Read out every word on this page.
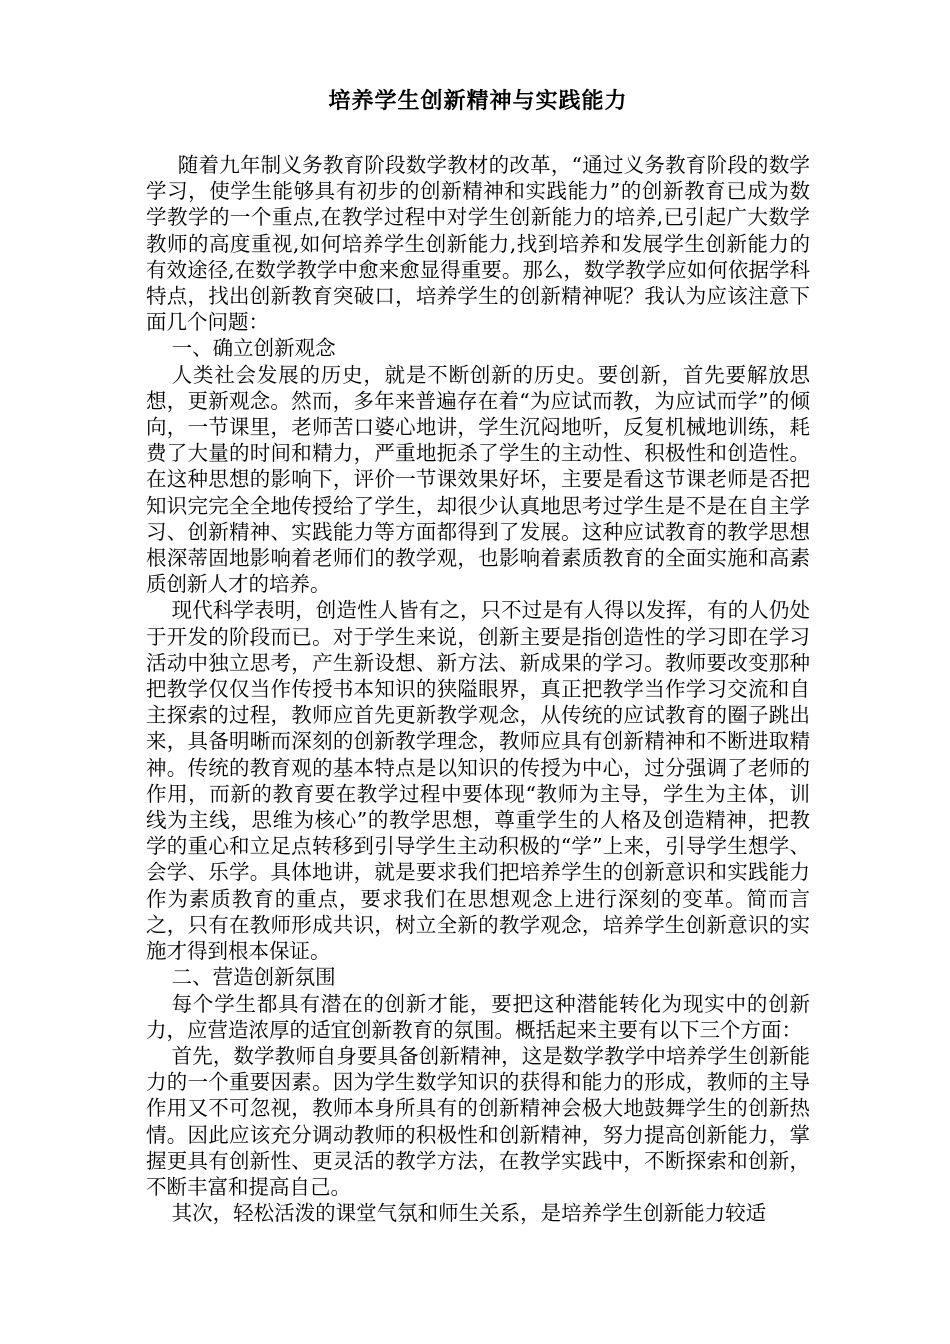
培养学生创新精神与实践能力

随着九年制义务教育阶段数学教材的改革，“通过义务教育阶段的数学学习，使学生能够具有初步的创新精神和实践能力”的创新教育已成为数学教学的一个重点,在教学过程中对学生创新能力的培养,已引起广大数学教师的高度重视,如何培养学生创新能力,找到培养和发展学生创新能力的有效途径,在数学教学中愈来愈显得重要。那么，数学教学应如何依据学科特点，找出创新教育突破口，培养学生的创新精神呢？我认为应该注意下面几个问题：

一、确立创新观念

人类社会发展的历史，就是不断创新的历史。要创新，首先要解放思想，更新观念。然而，多年来普遍存在着“为应试而教，为应试而学”的倾向，一节课里，老师苦口婆心地讲，学生沉闷地听，反复机械地训练，耗费了大量的时间和精力，严重地扼杀了学生的主动性、积极性和创造性。在这种思想的影响下，评价一节课效果好坏，主要是看这节课老师是否把知识完完全全地传授给了学生，却很少认真地思考过学生是不是在自主学习、创新精神、实践能力等方面都得到了发展。这种应试教育的教学思想根深蒂固地影响着老师们的教学观，也影响着素质教育的全面实施和高素质创新人才的培养。

现代科学表明，创造性人皆有之，只不过是有人得以发挥，有的人仍处于开发的阶段而已。对于学生来说，创新主要是指创造性的学习即在学习活动中独立思考，产生新设想、新方法、新成果的学习。教师要改变那种把教学仅仅当作传授书本知识的狭隘眼界，真正把教学当作学习交流和自主探索的过程，教师应首先更新教学观念，从传统的应试教育的圈子跳出来，具备明晰而深刻的创新教学理念，教师应具有创新精神和不断进取精神。传统的教育观的基本特点是以知识的传授为中心，过分强调了老师的作用，而新的教育要在教学过程中要体现“教师为主导，学生为主体，训线为主线，思维为核心”的教学思想，尊重学生的人格及创造精神，把教学的重心和立足点转移到引导学生主动积极的“学”上来，引导学生想学、会学、乐学。具体地讲，就是要求我们把培养学生的创新意识和实践能力作为素质教育的重点，要求我们在思想观念上进行深刻的变革。简而言之，只有在教师形成共识，树立全新的教学观念，培养学生创新意识的实施才得到根本保证。

二、营造创新氛围

每个学生都具有潜在的创新才能，要把这种潜能转化为现实中的创新力，应营造浓厚的适宜创新教育的氛围。概括起来主要有以下三个方面：

首先，数学教师自身要具备创新精神，这是数学教学中培养学生创新能力的一个重要因素。因为学生数学知识的获得和能力的形成，教师的主导作用又不可忽视，教师本身所具有的创新精神会极大地鼓舞学生的创新热情。因此应该充分调动教师的积极性和创新精神，努力提高创新能力，掌握更具有创新性、更灵活的教学方法，在教学实践中，不断探索和创新，不断丰富和提高自己。

其次，轻松活泼的课堂气氛和师生关系，是培养学生创新能力较适
